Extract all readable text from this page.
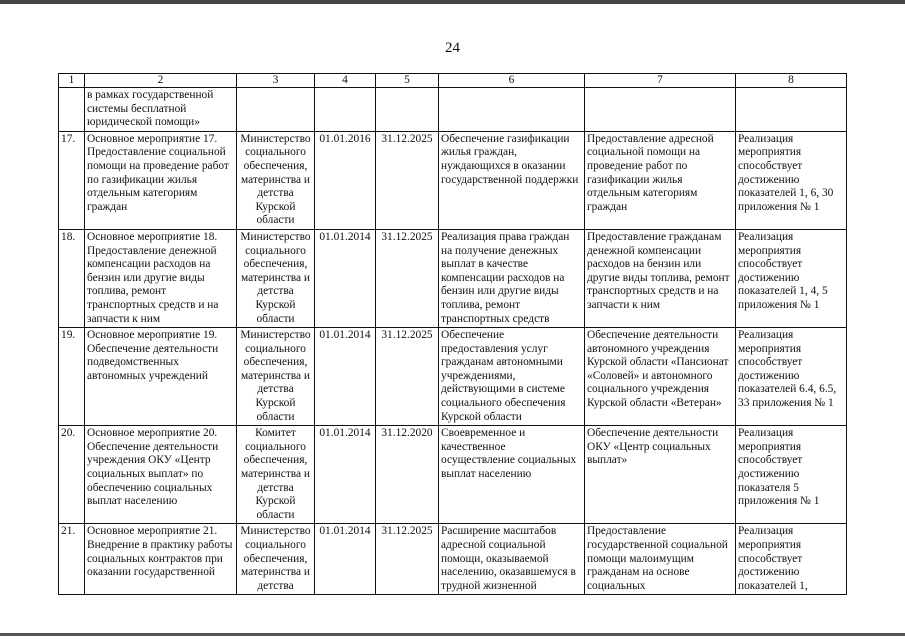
24
1	2	3	4	5	6	7	8
	в рамках государственной системы бесплатной юридической помощи»						
17.	Основное мероприятие 17. Предоставление социальной помощи на проведение работ по газификации жилья отдельным категориям граждан	Министерство социального обеспечения, материнства и детства Курской области	01.01.2016	31.12.2025	Обеспечение газификации жилья граждан, нуждающихся в оказании государственной поддержки	Предоставление адресной социальной помощи на проведение работ по газификации жилья отдельным категориям граждан	Реализация мероприятия способствует достижению показателей 1, 6, 30 приложения № 1
18.	Основное мероприятие 18. Предоставление денежной компенсации расходов на бензин или другие виды топлива, ремонт транспортных средств и на запчасти к ним	Министерство социального обеспечения, материнства и детства Курской области	01.01.2014	31.12.2025	Реализация права граждан на получение денежных выплат в качестве компенсации расходов на бензин или другие виды топлива, ремонт транспортных средств	Предоставление гражданам денежной компенсации расходов на бензин или другие виды топлива, ремонт транспортных средств и на запчасти к ним	Реализация мероприятия способствует достижению показателей 1, 4, 5 приложения № 1
19.	Основное мероприятие 19. Обеспечение деятельности подведомственных автономных учреждений	Министерство социального обеспечения, материнства и детства Курской области	01.01.2014	31.12.2025	Обеспечение предоставления услуг гражданам автономными учреждениями, действующими в системе социального обеспечения Курской области	Обеспечение деятельности автономного учреждения Курской области «Пансионат «Соловей» и автономного социального учреждения Курской области «Ветеран»	Реализация мероприятия способствует достижению показателей 6.4, 6.5, 33 приложения № 1
20.	Основное мероприятие 20. Обеспечение деятельности учреждения ОКУ «Центр социальных выплат» по обеспечению социальных выплат населению	Комитет социального обеспечения, материнства и детства Курской области	01.01.2014	31.12.2020	Своевременное и качественное осуществление социальных выплат населению	Обеспечение деятельности ОКУ «Центр социальных выплат»	Реализация мероприятия способствует достижению показателя 5 приложения № 1
21.	Основное мероприятие 21. Внедрение в практику работы социальных контрактов при оказании государственной	Министерство социального обеспечения, материнства и детства	01.01.2014	31.12.2025	Расширение масштабов адресной социальной помощи, оказываемой населению, оказавшемуся в трудной жизненной	Предоставление государственной социальной помощи малоимущим гражданам на основе социальных	Реализация мероприятия способствует достижению показателей 1,
